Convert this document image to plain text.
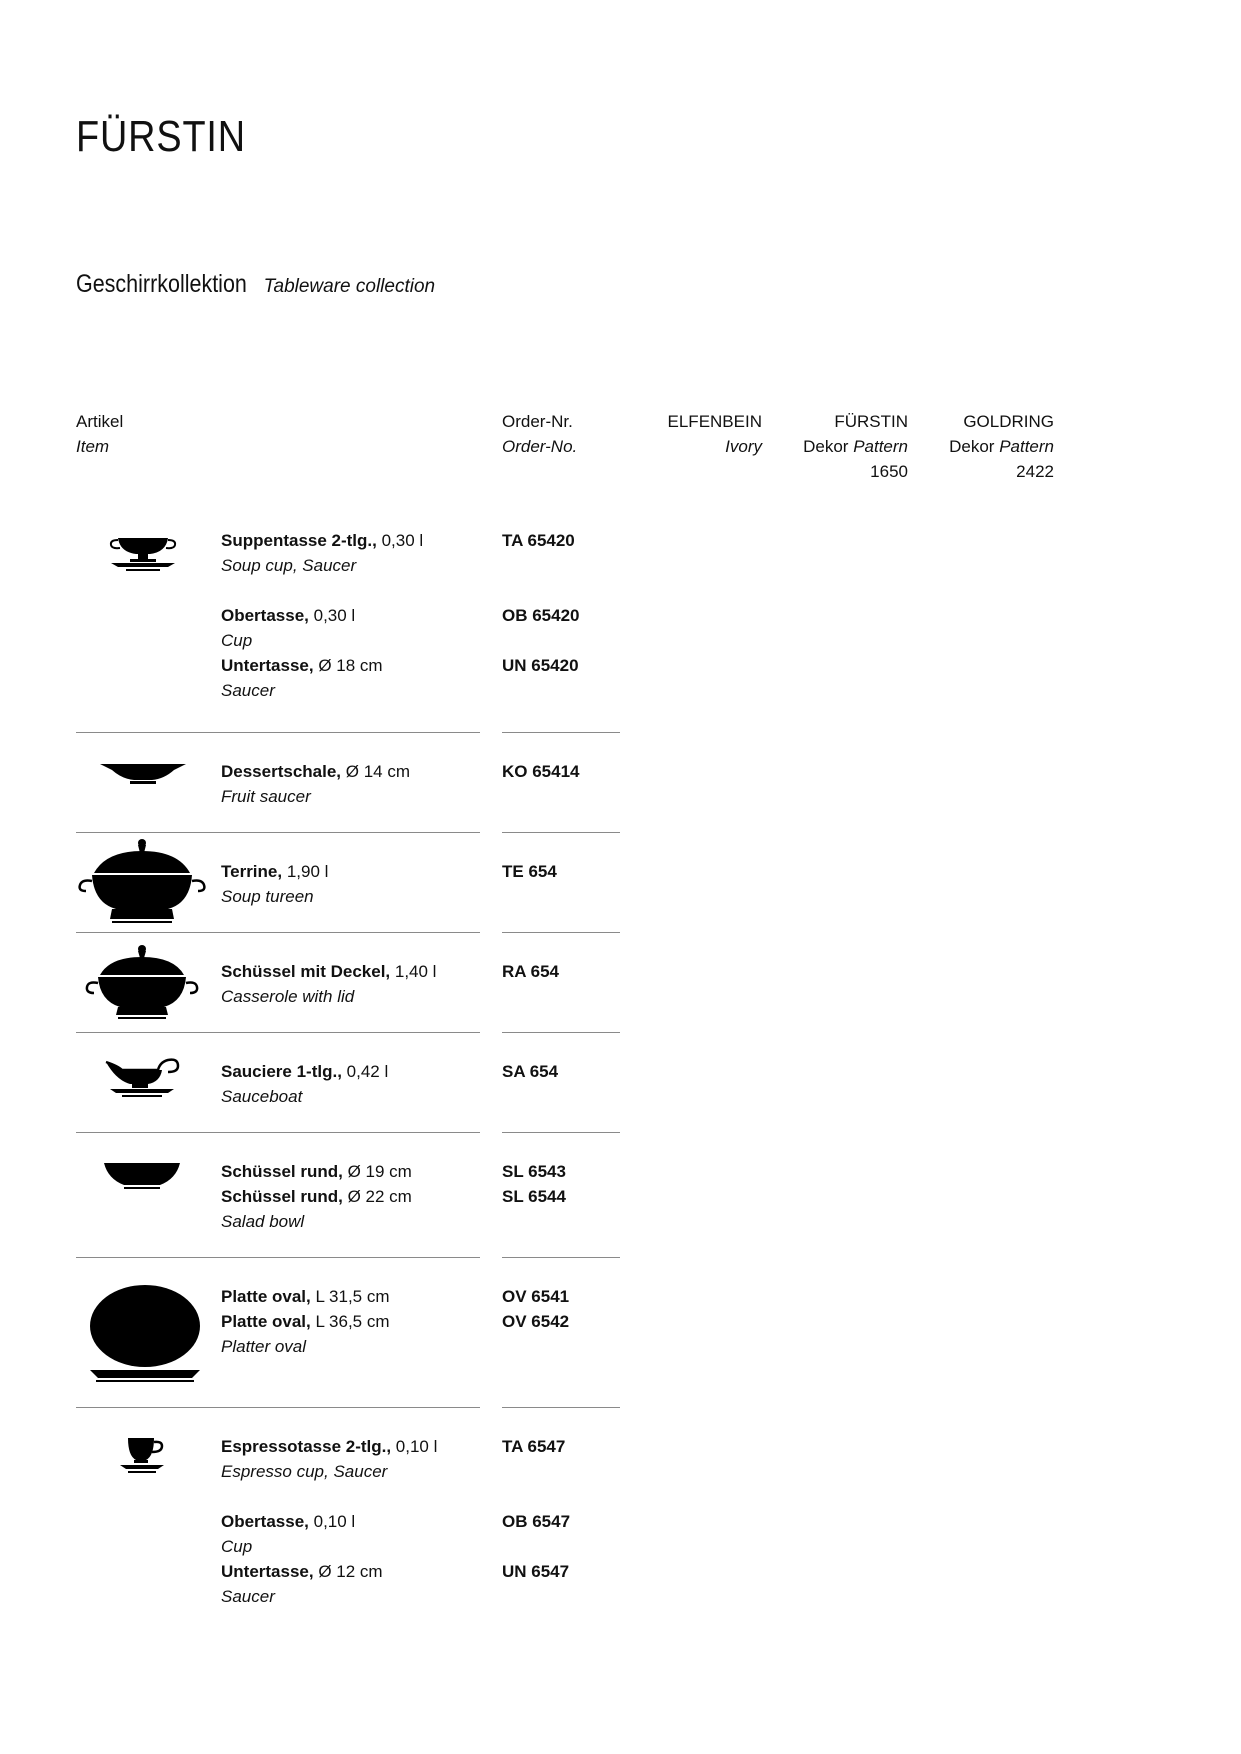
FÜRSTIN
Geschirrkollektion Tableware collection
Artikel
Item
Order-Nr.
Order-No.
ELFENBEIN
Ivory
FÜRSTIN
Dekor Pattern
1650
GOLDRING
Dekor Pattern
2422
Suppentasse 2-tlg., 0,30 l
Soup cup, Saucer
TA 65420
Obertasse, 0,30 l
Cup
Untertasse, Ø 18 cm
Saucer
OB 65420
UN 65420
Dessertschale, Ø 14 cm
Fruit saucer
KO 65414
Terrine, 1,90 l
Soup tureen
TE 654
Schüssel mit Deckel, 1,40 l
Casserole with lid
RA 654
Sauciere 1-tlg., 0,42 l
Sauceboat
SA 654
Schüssel rund, Ø 19 cm
Schüssel rund, Ø 22 cm
Salad bowl
SL 6543
SL 6544
Platte oval, L 31,5 cm
Platte oval, L 36,5 cm
Platter oval
OV 6541
OV 6542
Espressotasse 2-tlg., 0,10 l
Espresso cup, Saucer
TA 6547
Obertasse, 0,10 l
Cup
Untertasse, Ø 12 cm
Saucer
OB 6547
UN 6547
